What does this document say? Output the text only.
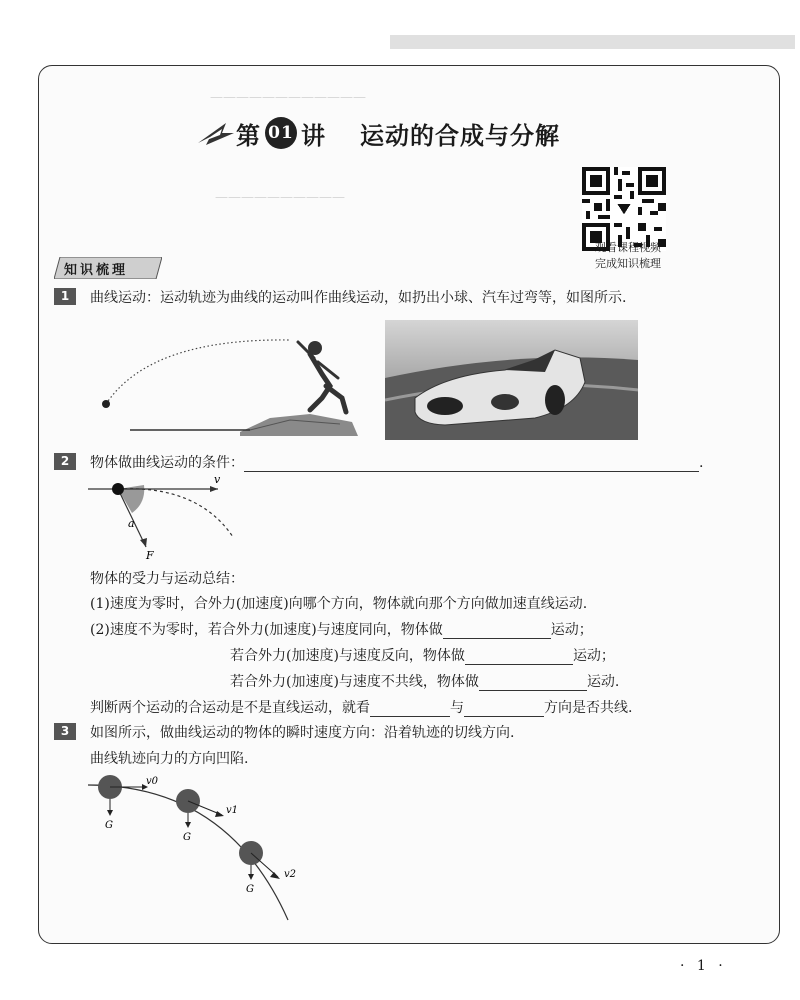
————————————
——————————
第 01 讲 运动的合成与分解
观看课程视频
完成知识梳理
知识梳理
1	曲线运动：运动轨迹为曲线的运动叫作曲线运动，如扔出小球、汽车过弯等，如图所示.
2	物体做曲线运动的条件：	.
v
a
F
物体的受力与运动总结：
(1)速度为零时，合外力(加速度)向哪个方向，物体就向那个方向做加速直线运动.
(2)速度不为零时，若合外力(加速度)与速度同向，物体做	运动；
若合外力(加速度)与速度反向，物体做	运动；
若合外力(加速度)与速度不共线，物体做	运动.
判断两个运动的合运动是不是直线运动，就看	与	方向是否共线.
3	如图所示，做曲线运动的物体的瞬时速度方向：沿着轨迹的切线方向.
曲线轨迹向力的方向凹陷.
v0
v1
v2
G
G
G
· 1 ·
